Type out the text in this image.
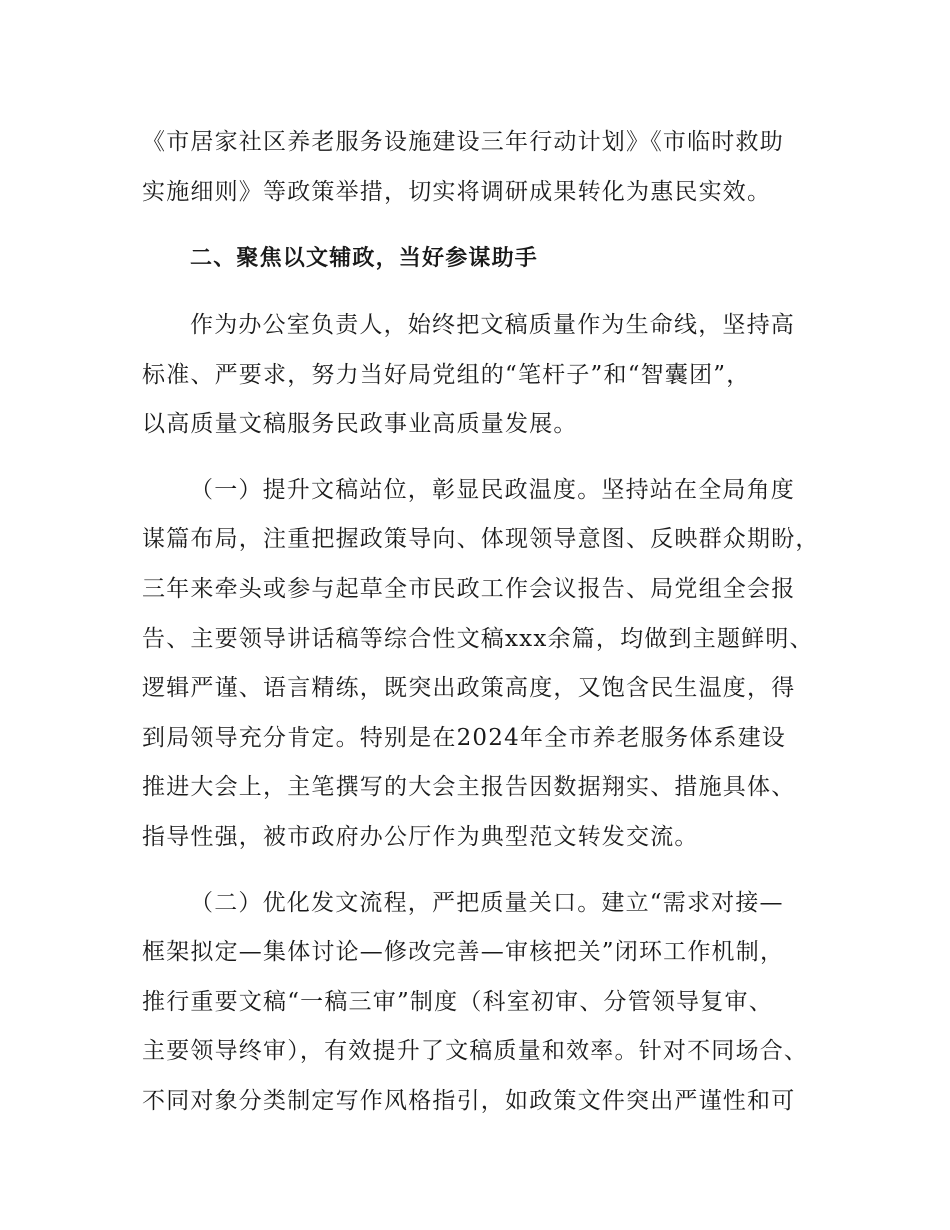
《市居家社区养老服务设施建设三年行动计划》《市临时救助

实施细则》等政策举措，切实将调研成果转化为惠民实效。

二、聚焦以文辅政，当好参谋助手

作为办公室负责人，始终把文稿质量作为生命线，坚持高

标准、严要求，努力当好局党组的“笔杆子”和“智囊团”，

以高质量文稿服务民政事业高质量发展。

（一）提升文稿站位，彰显民政温度。坚持站在全局角度

谋篇布局，注重把握政策导向、体现领导意图、反映群众期盼，

三年来牵头或参与起草全市民政工作会议报告、局党组全会报

告、主要领导讲话稿等综合性文稿xxx余篇，均做到主题鲜明、

逻辑严谨、语言精练，既突出政策高度，又饱含民生温度，得

到局领导充分肯定。特别是在2024年全市养老服务体系建设

推进大会上，主笔撰写的大会主报告因数据翔实、措施具体、

指导性强，被市政府办公厅作为典型范文转发交流。

（二）优化发文流程，严把质量关口。建立“需求对接—

框架拟定—集体讨论—修改完善—审核把关”闭环工作机制，

推行重要文稿“一稿三审”制度（科室初审、分管领导复审、

主要领导终审），有效提升了文稿质量和效率。针对不同场合、

不同对象分类制定写作风格指引，如政策文件突出严谨性和可
